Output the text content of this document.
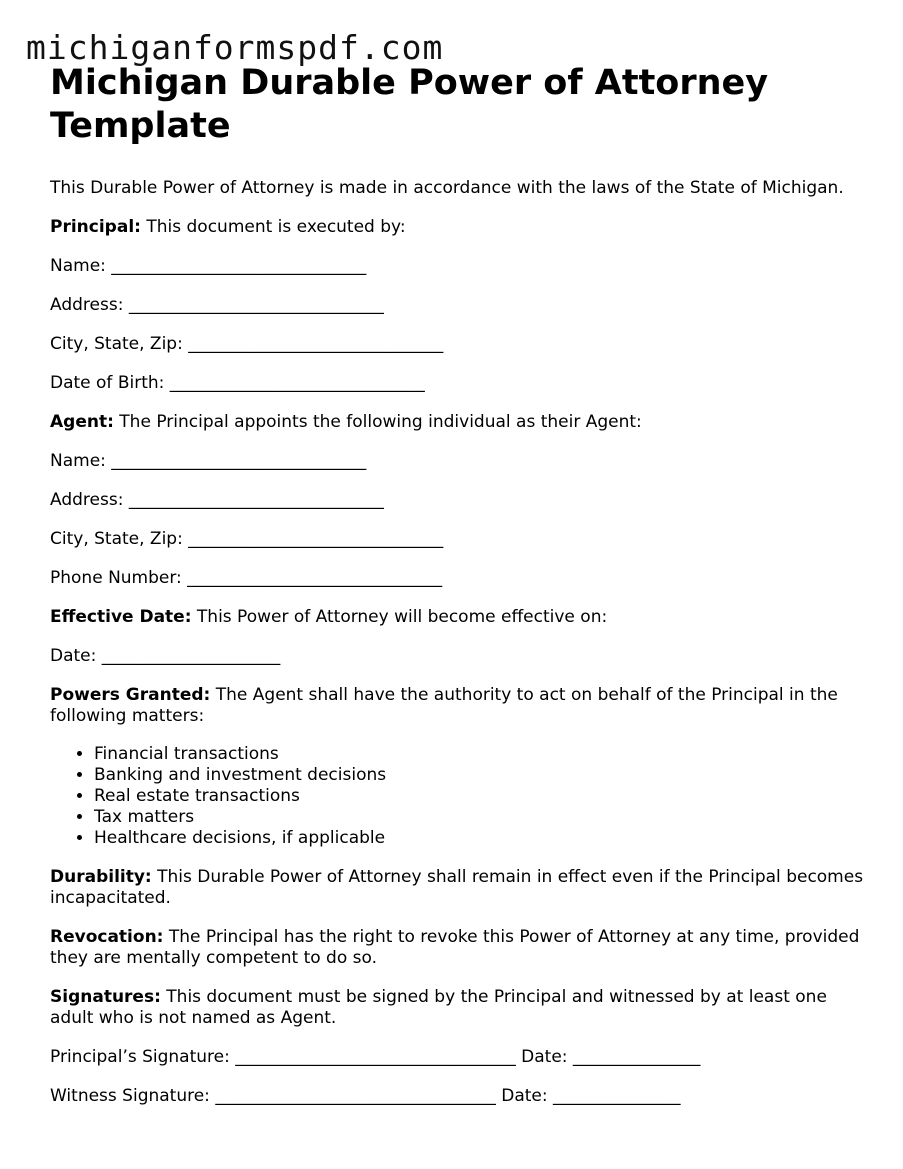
michiganformspdf.com
Michigan Durable Power of Attorney Template

This Durable Power of Attorney is made in accordance with the laws of the State of Michigan.

Principal: This document is executed by:

Name: ______________________________

Address: ______________________________

City, State, Zip: ______________________________

Date of Birth: ______________________________

Agent: The Principal appoints the following individual as their Agent:

Name: ______________________________

Address: ______________________________

City, State, Zip: ______________________________

Phone Number: ______________________________

Effective Date: This Power of Attorney will become effective on:

Date: _____________________

Powers Granted: The Agent shall have the authority to act on behalf of the Principal in the following matters:

• Financial transactions
• Banking and investment decisions
• Real estate transactions
• Tax matters
• Healthcare decisions, if applicable

Durability: This Durable Power of Attorney shall remain in effect even if the Principal becomes incapacitated.

Revocation: The Principal has the right to revoke this Power of Attorney at any time, provided they are mentally competent to do so.

Signatures: This document must be signed by the Principal and witnessed by at least one adult who is not named as Agent.

Principal’s Signature: _________________________________ Date: _______________

Witness Signature: _________________________________ Date: _______________
